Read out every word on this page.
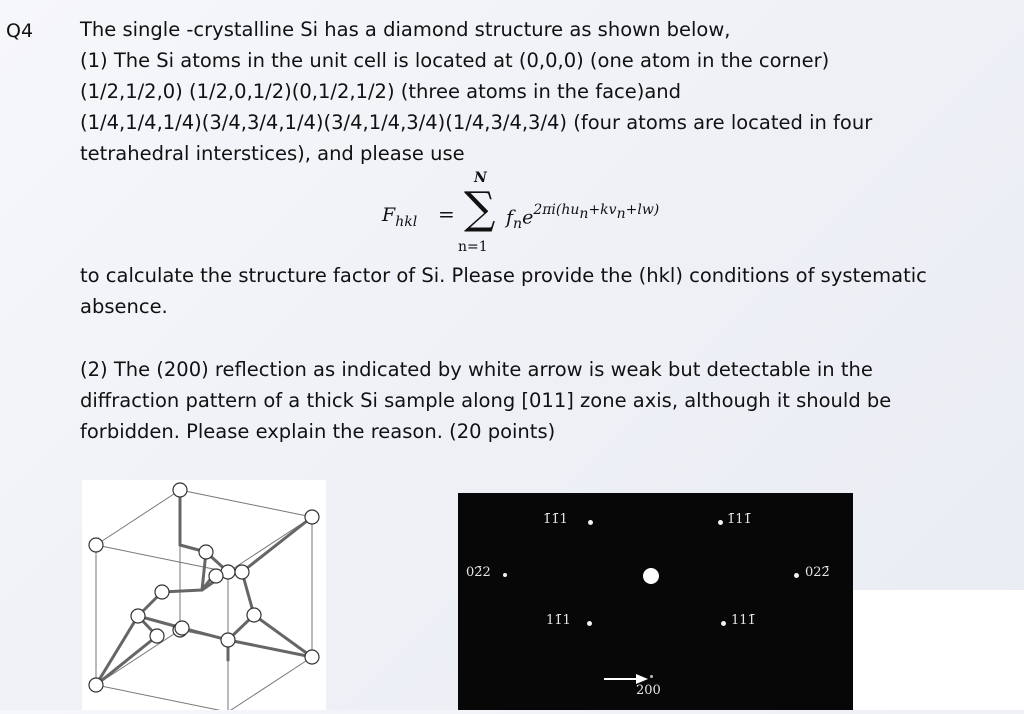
Q4 The single -crystalline Si has a diamond structure as shown below,
(1) The Si atoms in the unit cell is located at (0,0,0) (one atom in the corner)
(1/2,1/2,0) (1/2,0,1/2)(0,1/2,1/2) (three atoms in the face)and
(1/4,1/4,1/4)(3/4,3/4,1/4)(3/4,1/4,3/4)(1/4,3/4,3/4) (four atoms are located in four
tetrahedral interstices), and please use

$F_{hkl}$ =
N
∑
n=1
$f_ne^{2\pi i(hu_n+kv_n+lw)}$

to calculate the structure factor of Si. Please provide the (hkl) conditions of systematic
absence.

(2) The (200) reflection as indicated by white arrow is weak but detectable in the
diffraction pattern of a thick Si sample along [011] zone axis, although it should be
forbidden. Please explain the reason. (20 points)

1̄1̄1	1̄11̄
02̄2	022̄
11̄1	111̄
200
